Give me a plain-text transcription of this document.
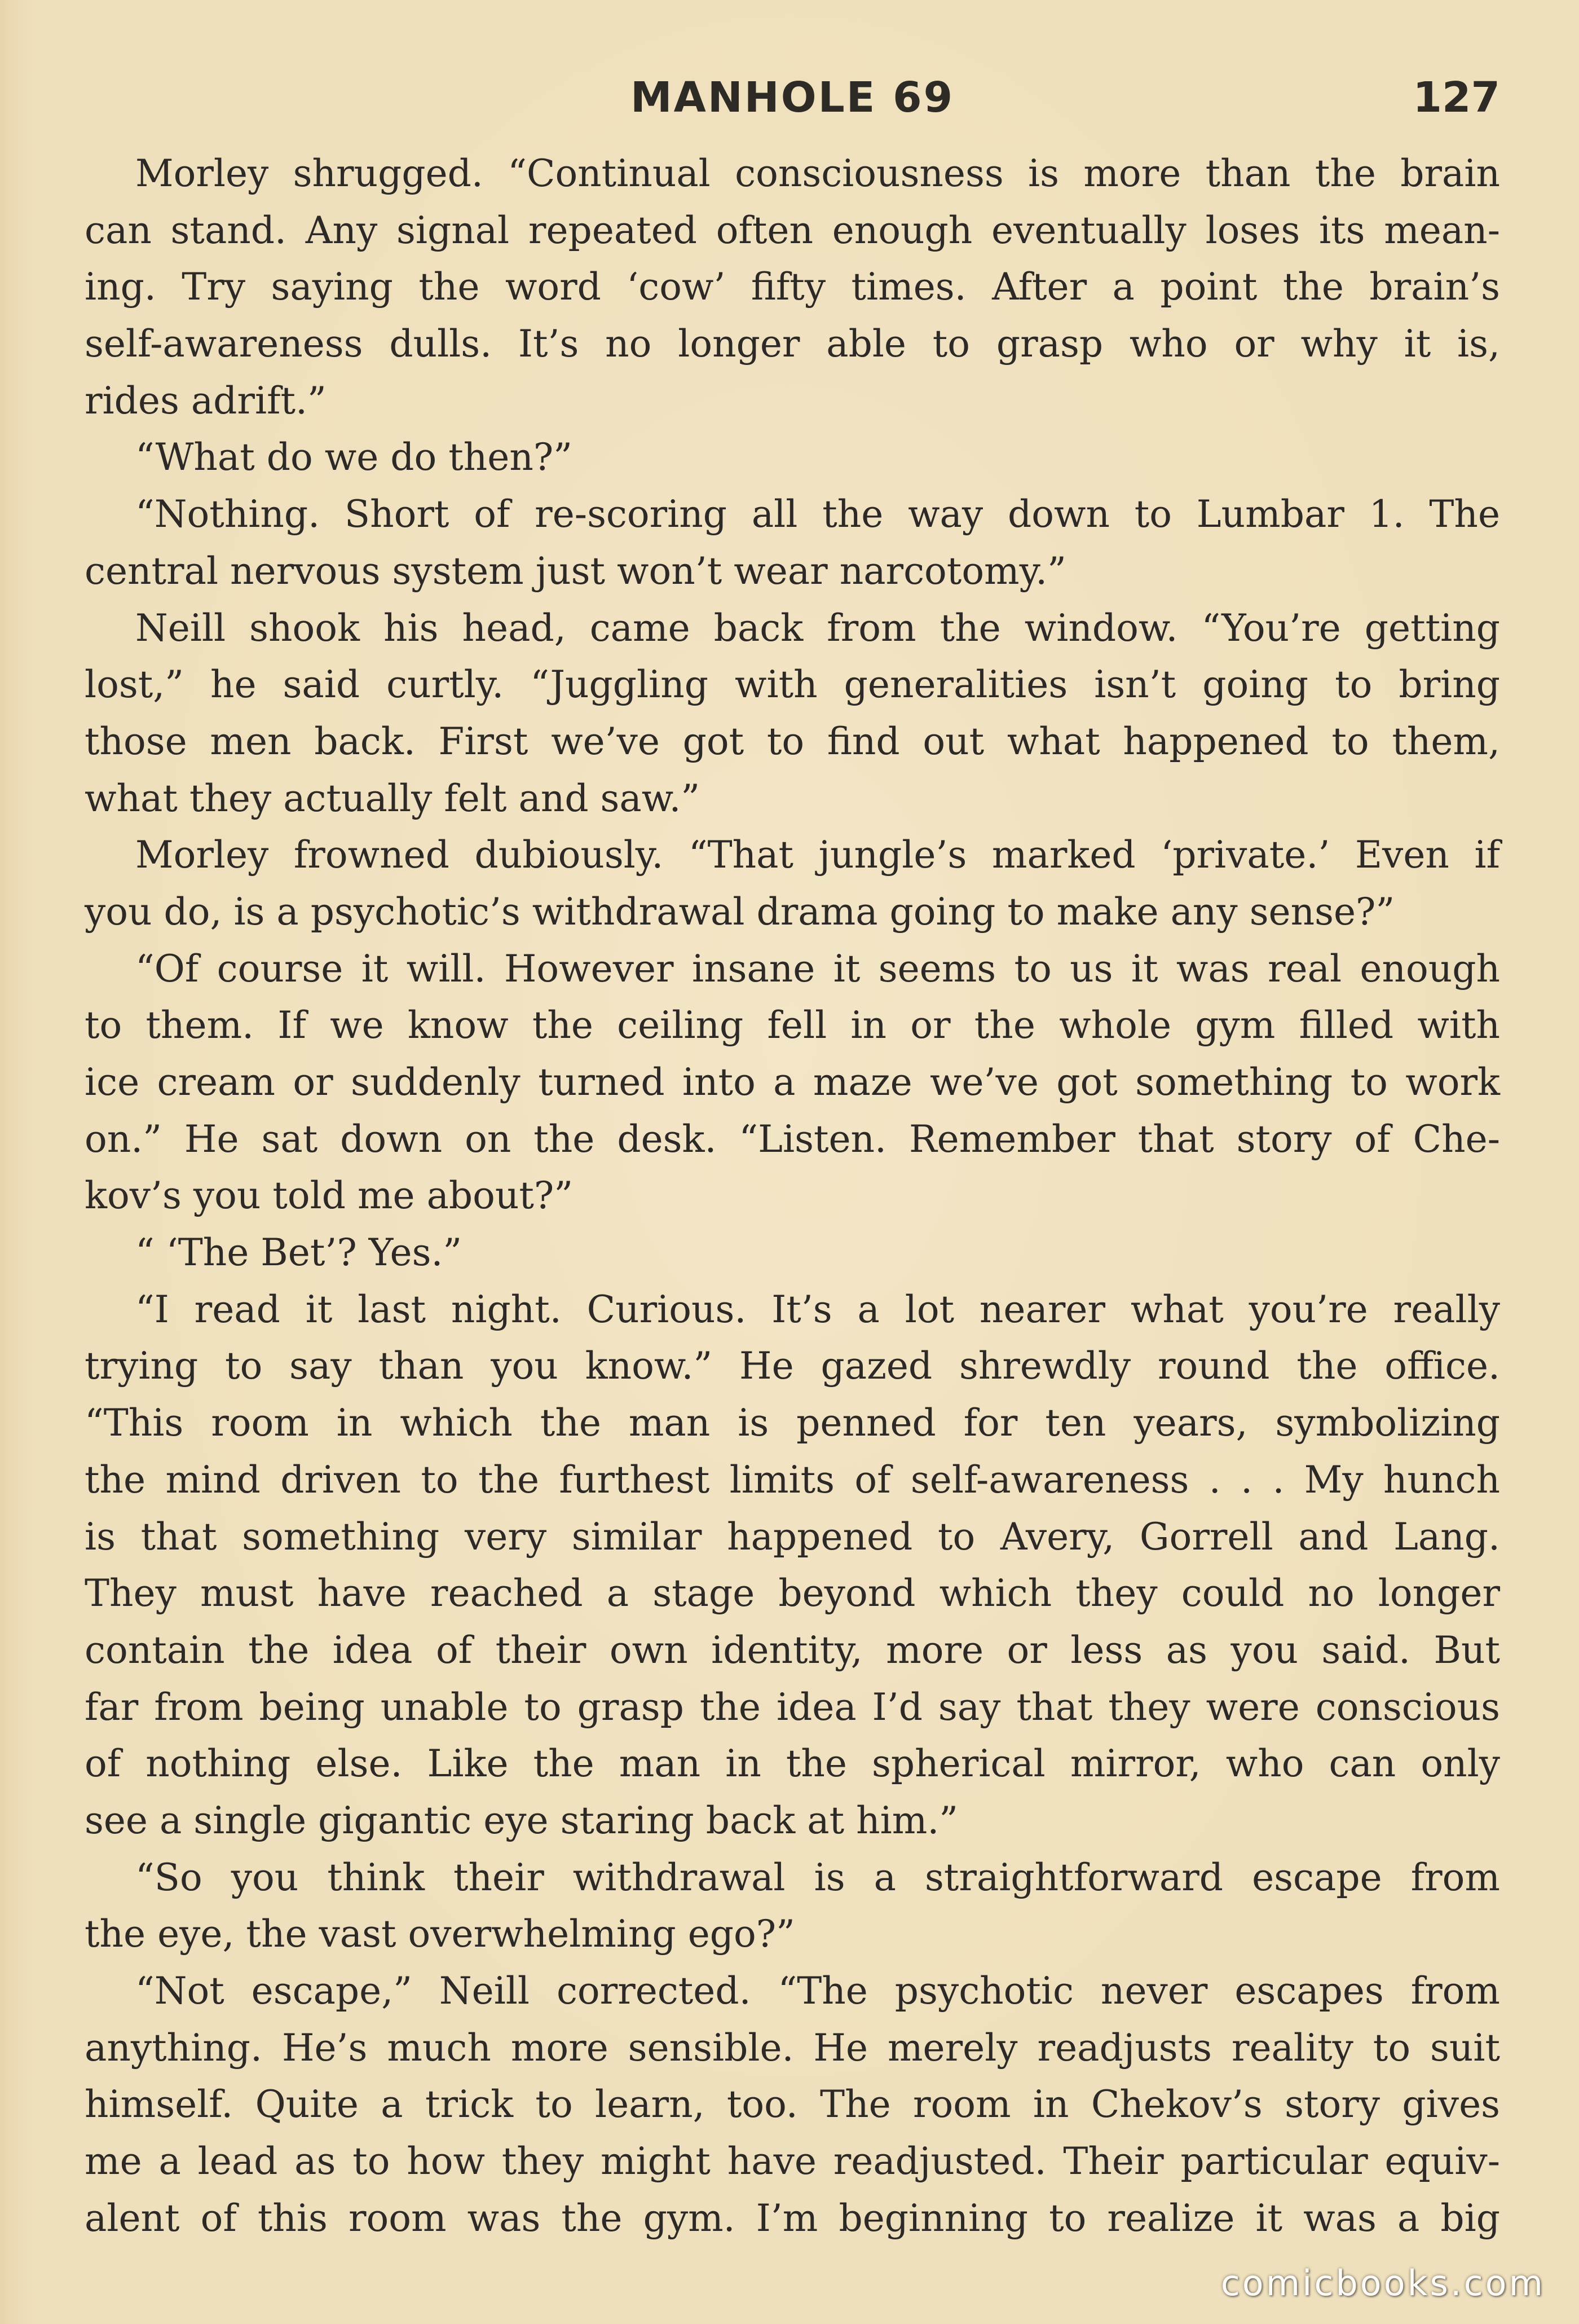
MANHOLE 69	127
Morley shrugged. “Continual consciousness is more than the brain
can stand. Any signal repeated often enough eventually loses its mean-
ing. Try saying the word ‘cow’ fifty times. After a point the brain’s
self-awareness dulls. It’s no longer able to grasp who or why it is,
rides adrift.”
“What do we do then?”
“Nothing. Short of re-scoring all the way down to Lumbar 1. The
central nervous system just won’t wear narcotomy.”
Neill shook his head, came back from the window. “You’re getting
lost,” he said curtly. “Juggling with generalities isn’t going to bring
those men back. First we’ve got to find out what happened to them,
what they actually felt and saw.”
Morley frowned dubiously. “That jungle’s marked ‘private.’ Even if
you do, is a psychotic’s withdrawal drama going to make any sense?”
“Of course it will. However insane it seems to us it was real enough
to them. If we know the ceiling fell in or the whole gym filled with
ice cream or suddenly turned into a maze we’ve got something to work
on.” He sat down on the desk. “Listen. Remember that story of Che-
kov’s you told me about?”
“ ‘The Bet’? Yes.”
“I read it last night. Curious. It’s a lot nearer what you’re really
trying to say than you know.” He gazed shrewdly round the office.
“This room in which the man is penned for ten years, symbolizing
the mind driven to the furthest limits of self-awareness . . . My hunch
is that something very similar happened to Avery, Gorrell and Lang.
They must have reached a stage beyond which they could no longer
contain the idea of their own identity, more or less as you said. But
far from being unable to grasp the idea I’d say that they were conscious
of nothing else. Like the man in the spherical mirror, who can only
see a single gigantic eye staring back at him.”
“So you think their withdrawal is a straightforward escape from
the eye, the vast overwhelming ego?”
“Not escape,” Neill corrected. “The psychotic never escapes from
anything. He’s much more sensible. He merely readjusts reality to suit
himself. Quite a trick to learn, too. The room in Chekov’s story gives
me a lead as to how they might have readjusted. Their particular equiv-
alent of this room was the gym. I’m beginning to realize it was a big
comicbooks.com
